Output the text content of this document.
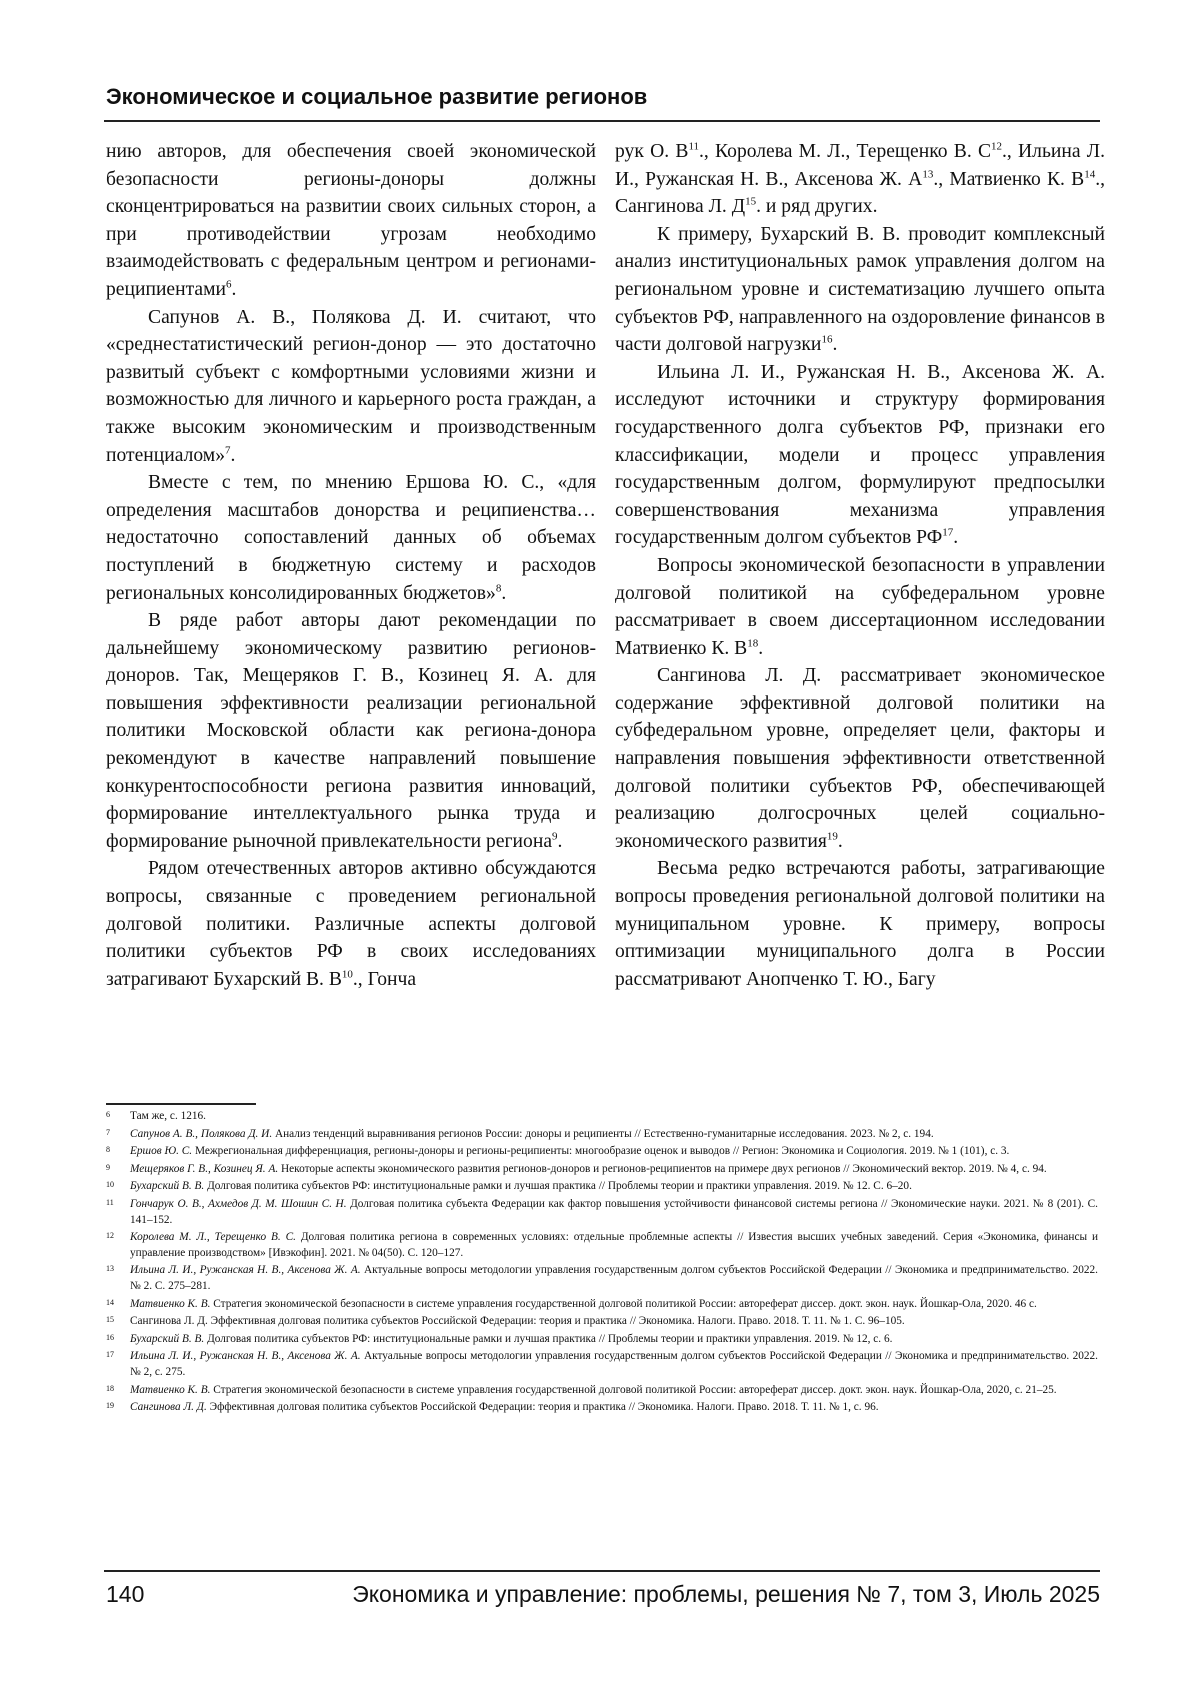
Экономическое и социальное развитие регионов

нию авторов, для обеспечения своей экономической безопасности регионы-доноры должны сконцентрироваться на развитии своих сильных сторон, а при противодействии угрозам необходимо взаимодействовать с федеральным центром и регионами-реципиентами$^6$.

Сапунов А. В., Полякова Д. И. считают, что «среднестатистический регион-донор — это достаточно развитый субъект с комфортными условиями жизни и возможностью для личного и карьерного роста граждан, а также высоким экономическим и производственным потенциалом»$^7$.

Вместе с тем, по мнению Ершова Ю. С., «для определения масштабов донорства и реципиенства… недостаточно сопоставлений данных об объемах поступлений в бюджетную систему и расходов региональных консолидированных бюджетов»$^8$.

В ряде работ авторы дают рекомендации по дальнейшему экономическому развитию регионов-доноров. Так, Мещеряков Г. В., Козинец Я. А. для повышения эффективности реализации региональной политики Московской области как региона-донора рекомендуют в качестве направлений повышение конкурентоспособности региона развития инноваций, формирование интеллектуального рынка труда и формирование рыночной привлекательности региона$^9$.

Рядом отечественных авторов активно обсуждаются вопросы, связанные с проведением региональной долговой политики. Различные аспекты долговой политики субъектов РФ в своих исследованиях затрагивают Бухарский В. $В^{10}$., Гонча

рук О. $В^{11}$., Королева М. Л., Терещенко В. $С^{12}$., Ильина Л. И., Ружанская Н. В., Аксенова Ж. $А^{13}$., Матвиенко К. $В^{14}$., Сангинова Л. $Д^{15}$. и ряд других.

К примеру, Бухарский В. В. проводит комплексный анализ институциональных рамок управления долгом на региональном уровне и систематизацию лучшего опыта субъектов РФ, направленного на оздоровление финансов в части долговой нагрузки$^{16}$.

Ильина Л. И., Ружанская Н. В., Аксенова Ж. А. исследуют источники и структуру формирования государственного долга субъектов РФ, признаки его классификации, модели и процесс управления государственным долгом, формулируют предпосылки совершенствования механизма управления государственным долгом субъектов РФ$^{17}$.

Вопросы экономической безопасности в управлении долговой политикой на субфедеральном уровне рассматривает в своем диссертационном исследовании Матвиенко К. $В^{18}$.

Сангинова Л. Д. рассматривает экономическое содержание эффективной долговой политики на субфедеральном уровне, определяет цели, факторы и направления повышения эффективности ответственной долговой политики субъектов РФ, обеспечивающей реализацию долгосрочных целей социально-экономического развития$^{19}$.

Весьма редко встречаются работы, затрагивающие вопросы проведения региональной долговой политики на муниципальном уровне. К примеру, вопросы оптимизации муниципального долга в России рассматривают Анопченко Т. Ю., Багу

6 Там же, с. 1216.
7 Сапунов А. В., Полякова Д. И. Анализ тенденций выравнивания регионов России: доноры и реципиенты // Естественно-гуманитарные исследования. 2023. № 2, с. 194.
8 Ершов Ю. С. Межрегиональная дифференциация, регионы-доноры и регионы-реципиенты: многообразие оценок и выводов // Регион: Экономика и Социология. 2019. № 1 (101), с. 3.
9 Мещеряков Г. В., Козинец Я. А. Некоторые аспекты экономического развития регионов-доноров и регионов-реципиентов на примере двух регионов // Экономический вектор. 2019. № 4, с. 94.
10 Бухарский В. В. Долговая политика субъектов РФ: институциональные рамки и лучшая практика // Проблемы теории и практики управления. 2019. № 12. С. 6–20.
11 Гончарук О. В., Ахмедов Д. М. Шошин С. Н. Долговая политика субъекта Федерации как фактор повышения устойчивости финансовой системы региона // Экономические науки. 2021. № 8 (201). С. 141–152.
12 Королева М. Л., Терещенко В. С. Долговая политика региона в современных условиях: отдельные проблемные аспекты // Известия высших учебных заведений. Серия «Экономика, финансы и управление производством» [Ивэкофин]. 2021. № 04(50). С. 120–127.
13 Ильина Л. И., Ружанская Н. В., Аксенова Ж. А. Актуальные вопросы методологии управления государственным долгом субъектов Российской Федерации // Экономика и предпринимательство. 2022. № 2. С. 275–281.
14 Матвиенко К. В. Стратегия экономической безопасности в системе управления государственной долговой политикой России: автореферат диссер. докт. экон. наук. Йошкар-Ола, 2020. 46 с.
15 Сангинова Л. Д. Эффективная долговая политика субъектов Российской Федерации: теория и практика // Экономика. Налоги. Право. 2018. Т. 11. № 1. С. 96–105.
16 Бухарский В. В. Долговая политика субъектов РФ: институциональные рамки и лучшая практика // Проблемы теории и практики управления. 2019. № 12, с. 6.
17 Ильина Л. И., Ружанская Н. В., Аксенова Ж. А. Актуальные вопросы методологии управления государственным долгом субъектов Российской Федерации // Экономика и предпринимательство. 2022. № 2, с. 275.
18 Матвиенко К. В. Стратегия экономической безопасности в системе управления государственной долговой политикой России: автореферат диссер. докт. экон. наук. Йошкар-Ола, 2020, с. 21–25.
19 Сангинова Л. Д. Эффективная долговая политика субъектов Российской Федерации: теория и практика // Экономика. Налоги. Право. 2018. Т. 11. № 1, с. 96.
140	Экономика и управление: проблемы, решения № 7, том 3, Июль 2025
